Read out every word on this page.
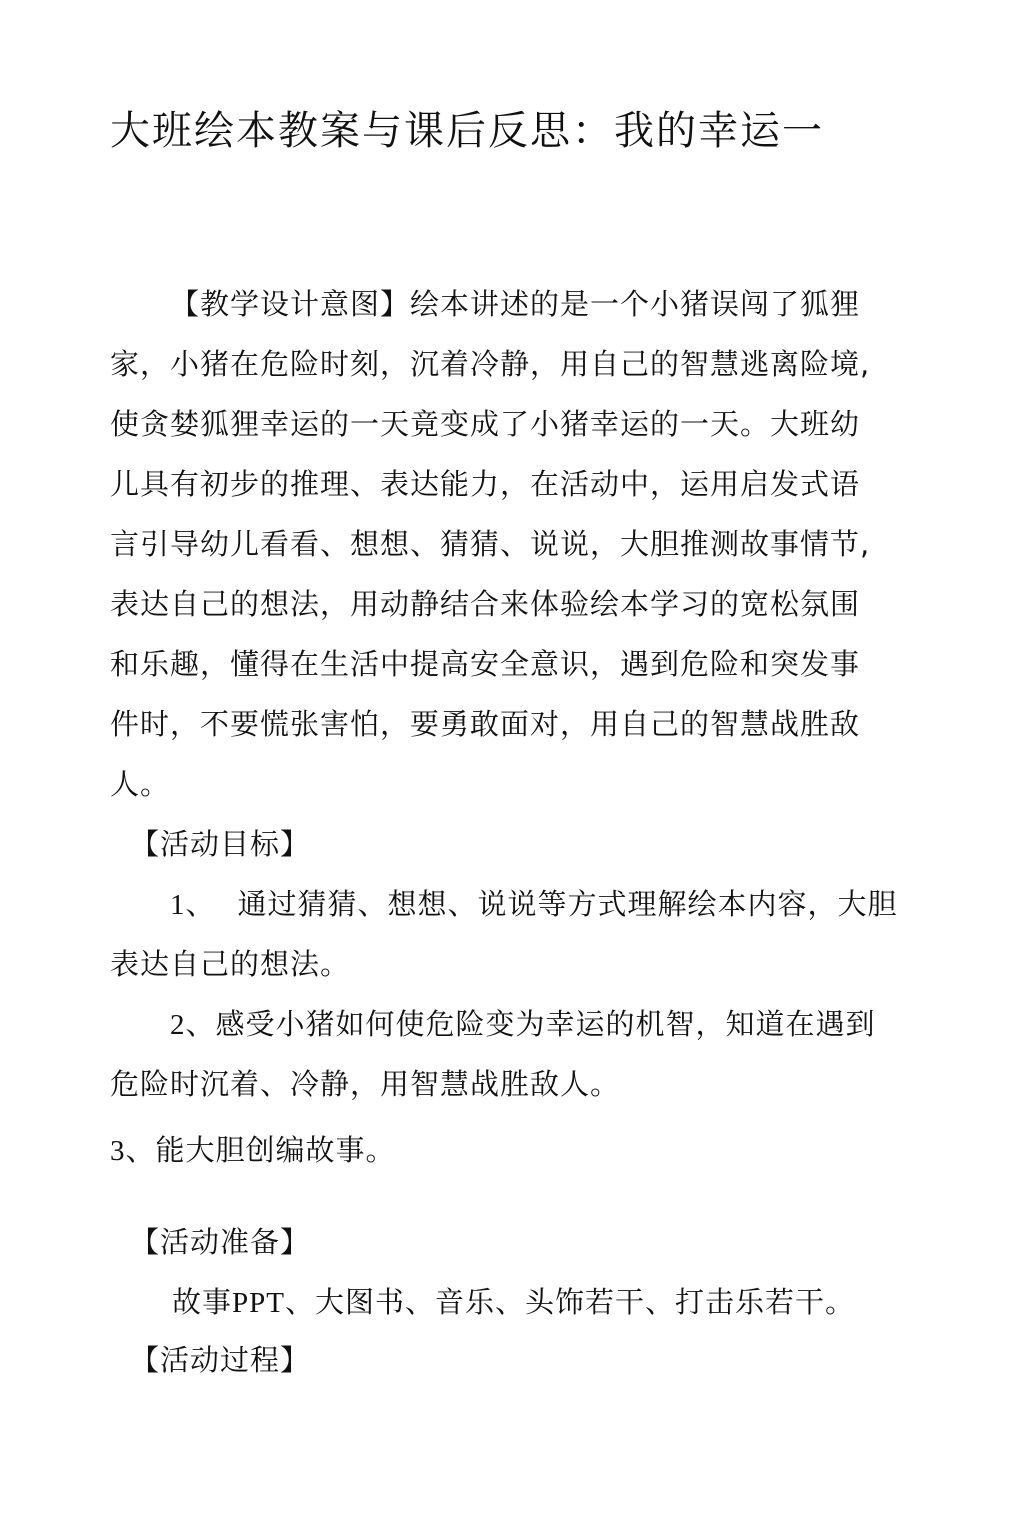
大班绘本教案与课后反思：我的幸运一
【教学设计意图】绘本讲述的是一个小猪误闯了狐狸
家，小猪在危险时刻，沉着冷静，用自己的智慧逃离险境,
使贪婪狐狸幸运的一天竟变成了小猪幸运的一天。大班幼
儿具有初步的推理、表达能力，在活动中，运用启发式语
言引导幼儿看看、想想、猜猜、说说，大胆推测故事情节,
表达自己的想法，用动静结合来体验绘本学习的宽松氛围
和乐趣，懂得在生活中提高安全意识，遇到危险和突发事
件时，不要慌张害怕，要勇敢面对，用自己的智慧战胜敌
人。
【活动目标】
1、 通过猜猜、想想、说说等方式理解绘本内容，大胆
表达自己的想法。
2、感受小猪如何使危险变为幸运的机智，知道在遇到
危险时沉着、冷静，用智慧战胜敌人。
3、能大胆创编故事。
【活动准备】
故事PPT、大图书、音乐、头饰若干、打击乐若干。
【活动过程】
